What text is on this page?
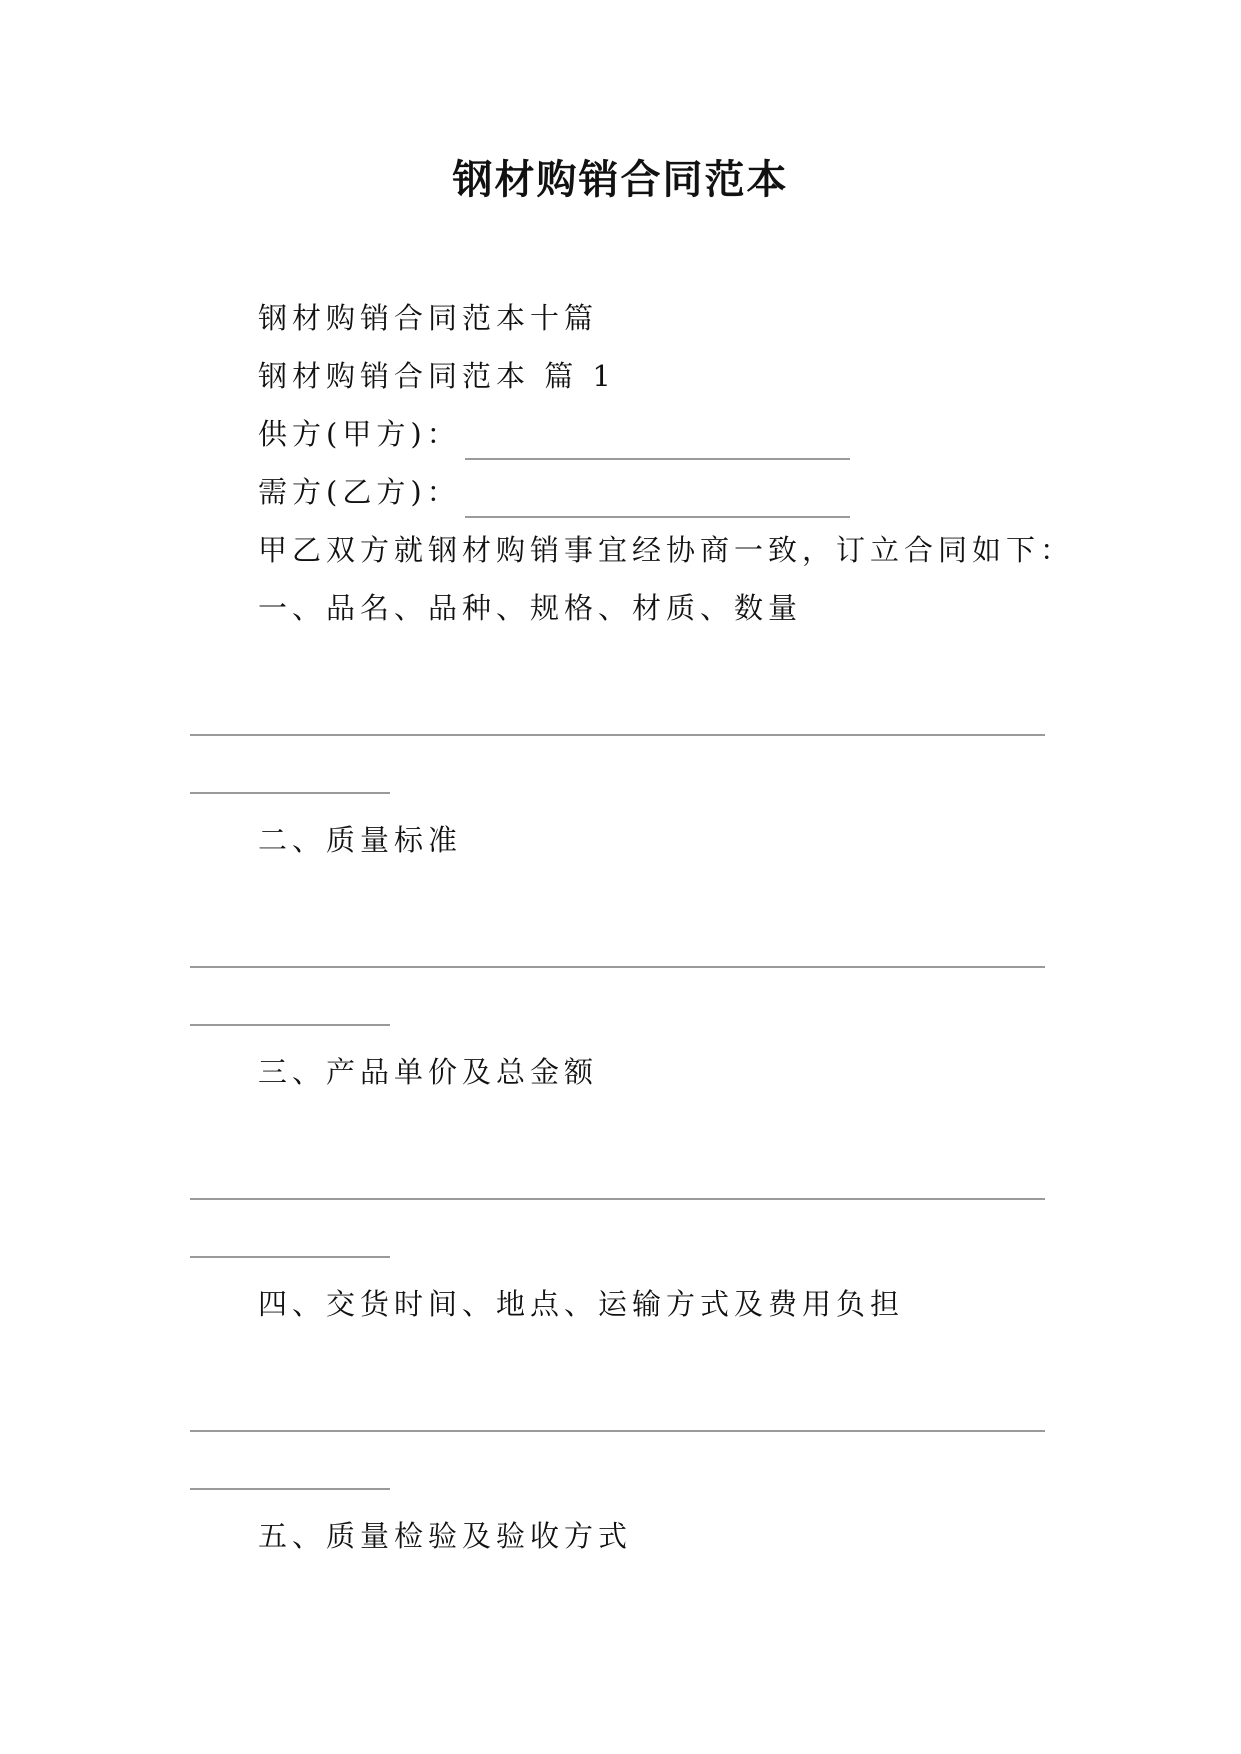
钢材购销合同范本
钢材购销合同范本十篇
钢材购销合同范本 篇 1
供方(甲方)：
需方(乙方)：
甲乙双方就钢材购销事宜经协商一致，订立合同如下：
一、品名、品种、规格、材质、数量
二、质量标准
三、产品单价及总金额
四、交货时间、地点、运输方式及费用负担
五、质量检验及验收方式
